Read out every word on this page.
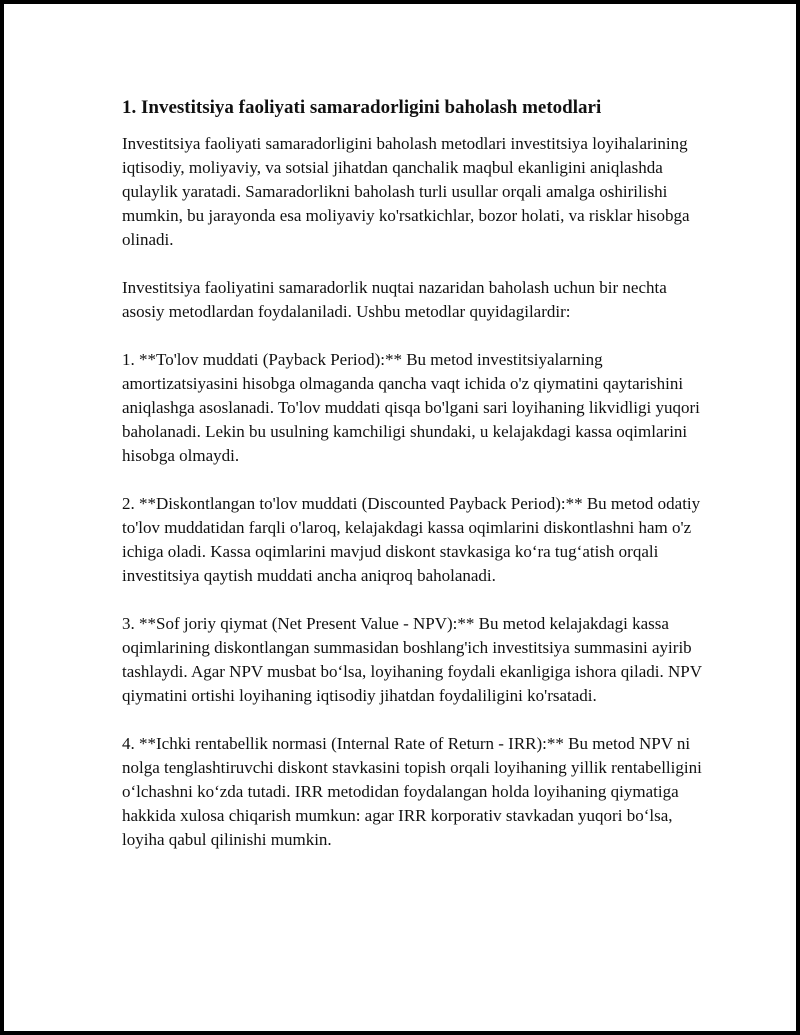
1. Investitsiya faoliyati samaradorligini baholash metodlari

Investitsiya faoliyati samaradorligini baholash metodlari investitsiya loyihalarining iqtisodiy, moliyaviy, va sotsial jihatdan qanchalik maqbul ekanligini aniqlashda qulaylik yaratadi. Samaradorlikni baholash turli usullar orqali amalga oshirilishi mumkin, bu jarayonda esa moliyaviy ko'rsatkichlar, bozor holati, va risklar hisobga olinadi.

Investitsiya faoliyatini samaradorlik nuqtai nazaridan baholash uchun bir nechta asosiy metodlardan foydalaniladi. Ushbu metodlar quyidagilardir:

1. **To'lov muddati (Payback Period):** Bu metod investitsiyalarning amortizatsiyasini hisobga olmaganda qancha vaqt ichida o'z qiymatini qaytarishini aniqlashga asoslanadi. To'lov muddati qisqa bo'lgani sari loyihaning likvidligi yuqori baholanadi. Lekin bu usulning kamchiligi shundaki, u kelajakdagi kassa oqimlarini hisobga olmaydi.

2. **Diskontlangan to'lov muddati (Discounted Payback Period):** Bu metod odatiy to'lov muddatidan farqli o'laroq, kelajakdagi kassa oqimlarini diskontlashni ham o'z ichiga oladi. Kassa oqimlarini mavjud diskont stavkasiga ko‘ra tug‘atish orqali investitsiya qaytish muddati ancha aniqroq baholanadi.

3. **Sof joriy qiymat (Net Present Value - NPV):** Bu metod kelajakdagi kassa oqimlarining diskontlangan summasidan boshlang'ich investitsiya summasini ayirib tashlaydi. Agar NPV musbat bo‘lsa, loyihaning foydali ekanligiga ishora qiladi. NPV qiymatini ortishi loyihaning iqtisodiy jihatdan foydaliligini ko'rsatadi.

4. **Ichki rentabellik normasi (Internal Rate of Return - IRR):** Bu metod NPV ni nolga tenglashtiruvchi diskont stavkasini topish orqali loyihaning yillik rentabelligini o‘lchashni ko‘zda tutadi. IRR metodidan foydalangan holda loyihaning qiymatiga hakkida xulosa chiqarish mumkun: agar IRR korporativ stavkadan yuqori bo‘lsa, loyiha qabul qilinishi mumkin.
